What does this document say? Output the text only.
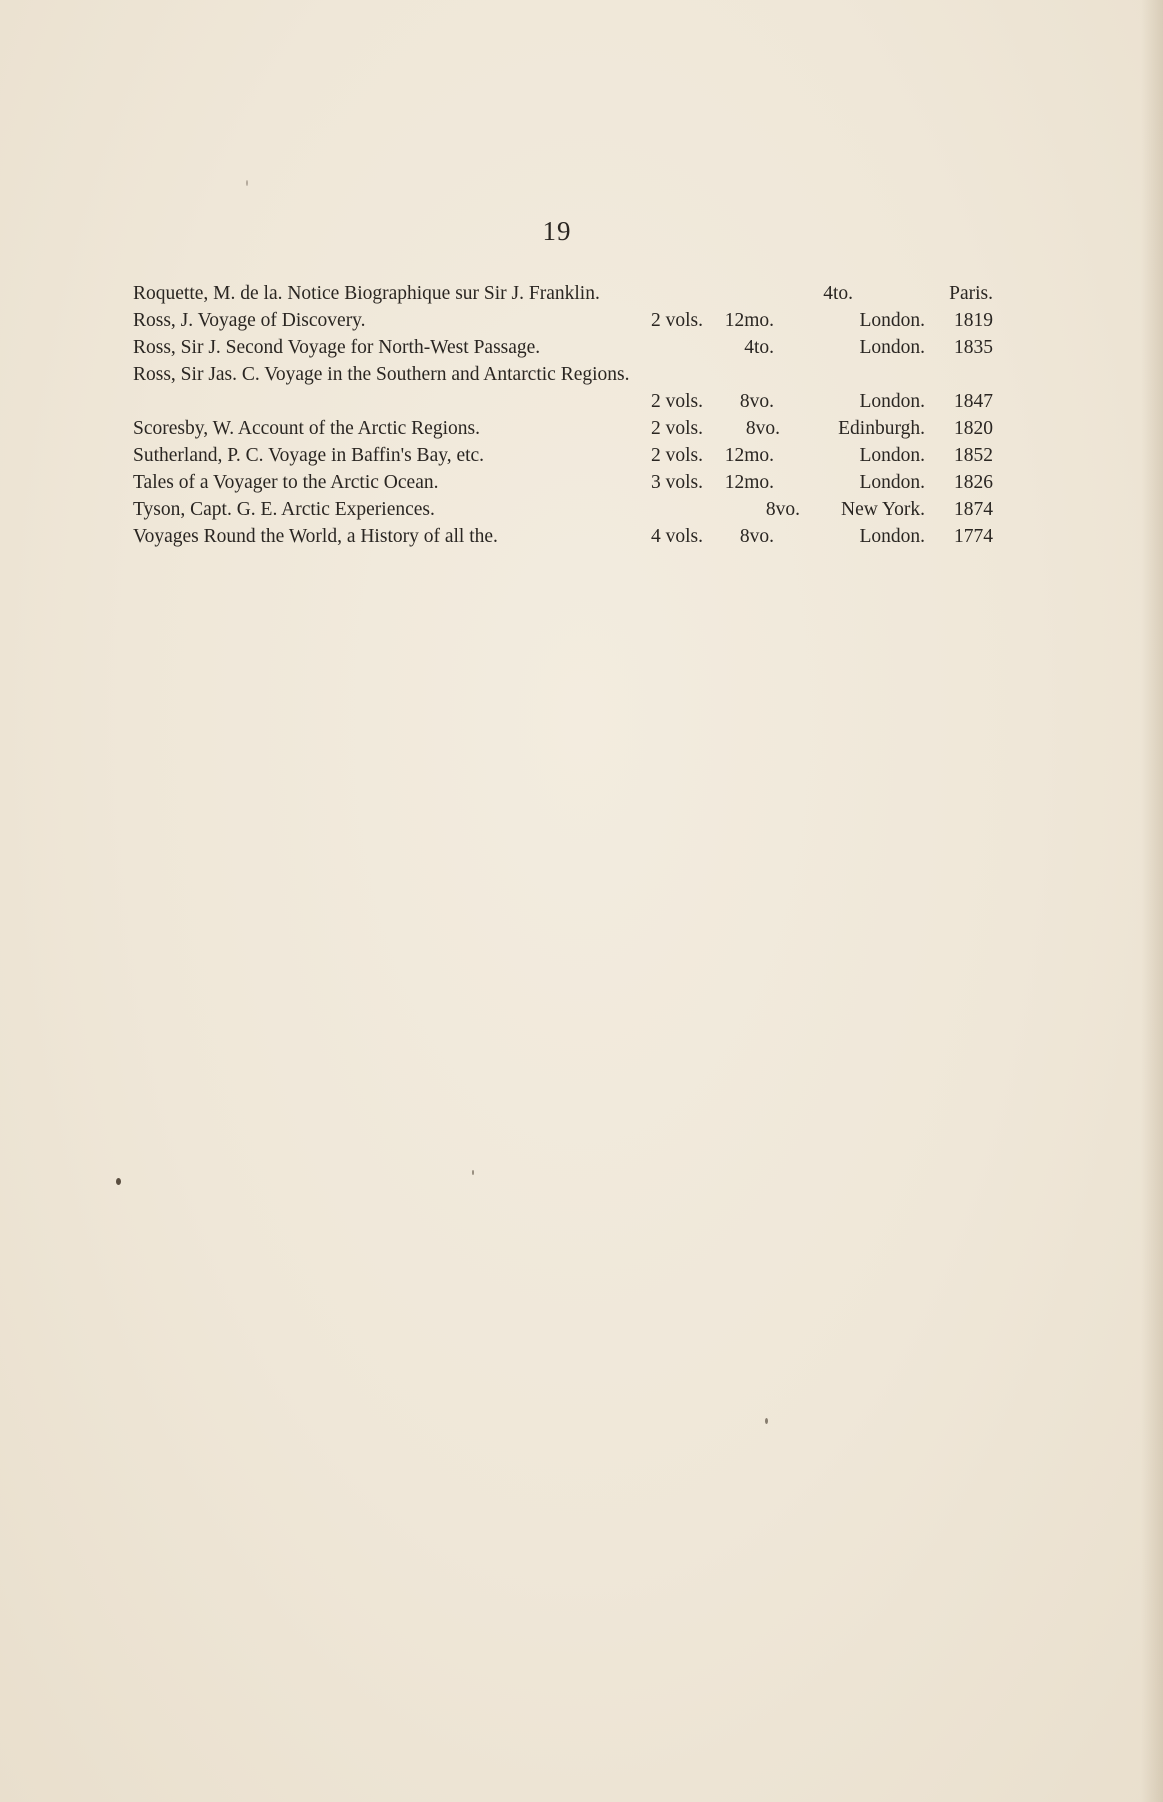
19
Roquette, M. de la. Notice Biographique sur Sir J. Franklin.	4to.	Paris.
Ross, J. Voyage of Discovery.	2 vols. 12mo.	London.	1819
Ross, Sir J. Second Voyage for North-West Passage.	4to.	London.	1835
Ross, Sir Jas. C. Voyage in the Southern and Antarctic Regions.
2 vols. 8vo.	London.	1847
Scoresby, W. Account of the Arctic Regions.	2 vols. 8vo.	Edinburgh.	1820
Sutherland, P. C. Voyage in Baffin's Bay, etc.	2 vols. 12mo.	London.	1852
Tales of a Voyager to the Arctic Ocean.	3 vols. 12mo.	London.	1826
Tyson, Capt. G. E. Arctic Experiences.	8vo. New York.	1874
Voyages Round the World, a History of all the.	4 vols. 8vo.	London.	1774
